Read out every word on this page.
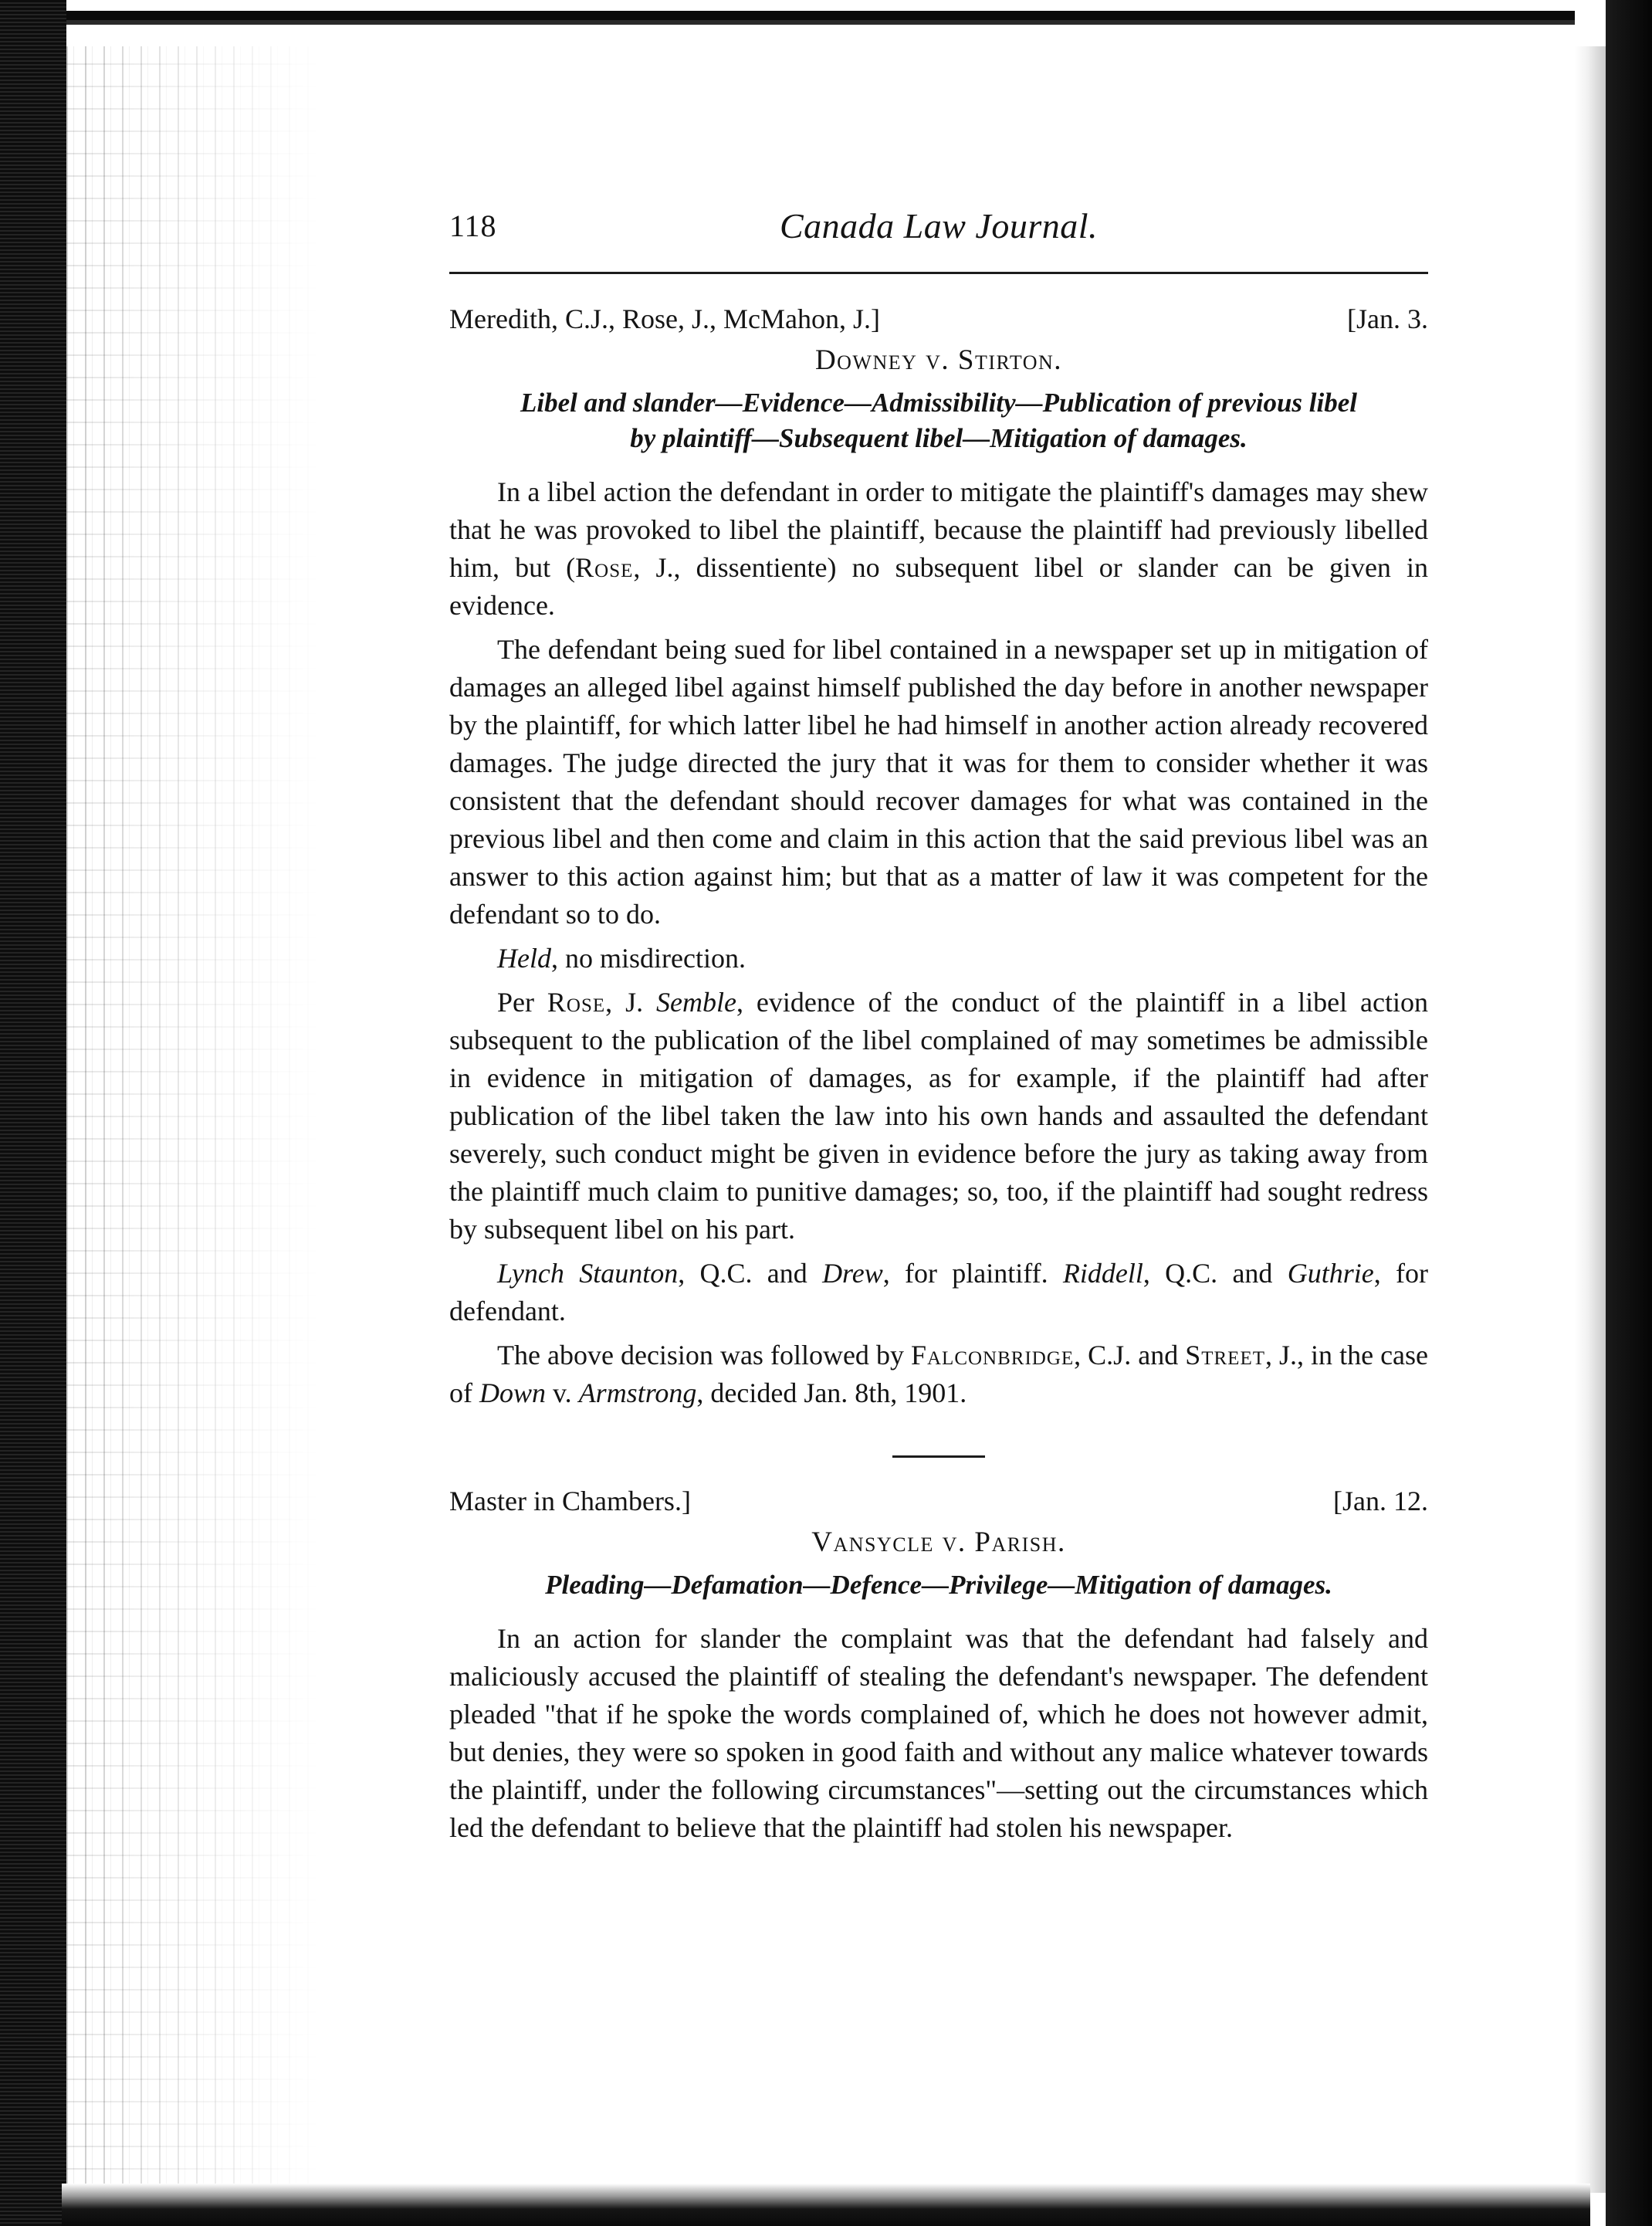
118	Canada Law Journal.
Meredith, C.J., Rose, J., McMahon, J.]	[Jan. 3.
Downey v. Stirton.
Libel and slander—Evidence—Admissibility—Publication of previous libel
by plaintiff—Subsequent libel—Mitigation of damages.

In a libel action the defendant in order to mitigate the plaintiff's damages may shew that he was provoked to libel the plaintiff, because the plaintiff had previously libelled him, but (Rose, J., dissentiente) no subsequent libel or slander can be given in evidence.

The defendant being sued for libel contained in a newspaper set up in mitigation of damages an alleged libel against himself published the day before in another newspaper by the plaintiff, for which latter libel he had himself in another action already recovered damages. The judge directed the jury that it was for them to consider whether it was consistent that the defendant should recover damages for what was contained in the previous libel and then come and claim in this action that the said previous libel was an answer to this action against him; but that as a matter of law it was competent for the defendant so to do.

Held, no misdirection.

Per Rose, J. Semble, evidence of the conduct of the plaintiff in a libel action subsequent to the publication of the libel complained of may sometimes be admissible in evidence in mitigation of damages, as for example, if the plaintiff had after publication of the libel taken the law into his own hands and assaulted the defendant severely, such conduct might be given in evidence before the jury as taking away from the plaintiff much claim to punitive damages; so, too, if the plaintiff had sought redress by subsequent libel on his part.

Lynch Staunton, Q.C. and Drew, for plaintiff. Riddell, Q.C. and Guthrie, for defendant.

The above decision was followed by Falconbridge, C.J. and Street, J., in the case of Down v. Armstrong, decided Jan. 8th, 1901.

Master in Chambers.]	[Jan. 12.
Vansycle v. Parish.
Pleading—Defamation—Defence—Privilege—Mitigation of damages.

In an action for slander the complaint was that the defendant had falsely and maliciously accused the plaintiff of stealing the defendant's newspaper. The defendent pleaded "that if he spoke the words complained of, which he does not however admit, but denies, they were so spoken in good faith and without any malice whatever towards the plaintiff, under the following circumstances"—setting out the circumstances which led the defendant to believe that the plaintiff had stolen his newspaper.
